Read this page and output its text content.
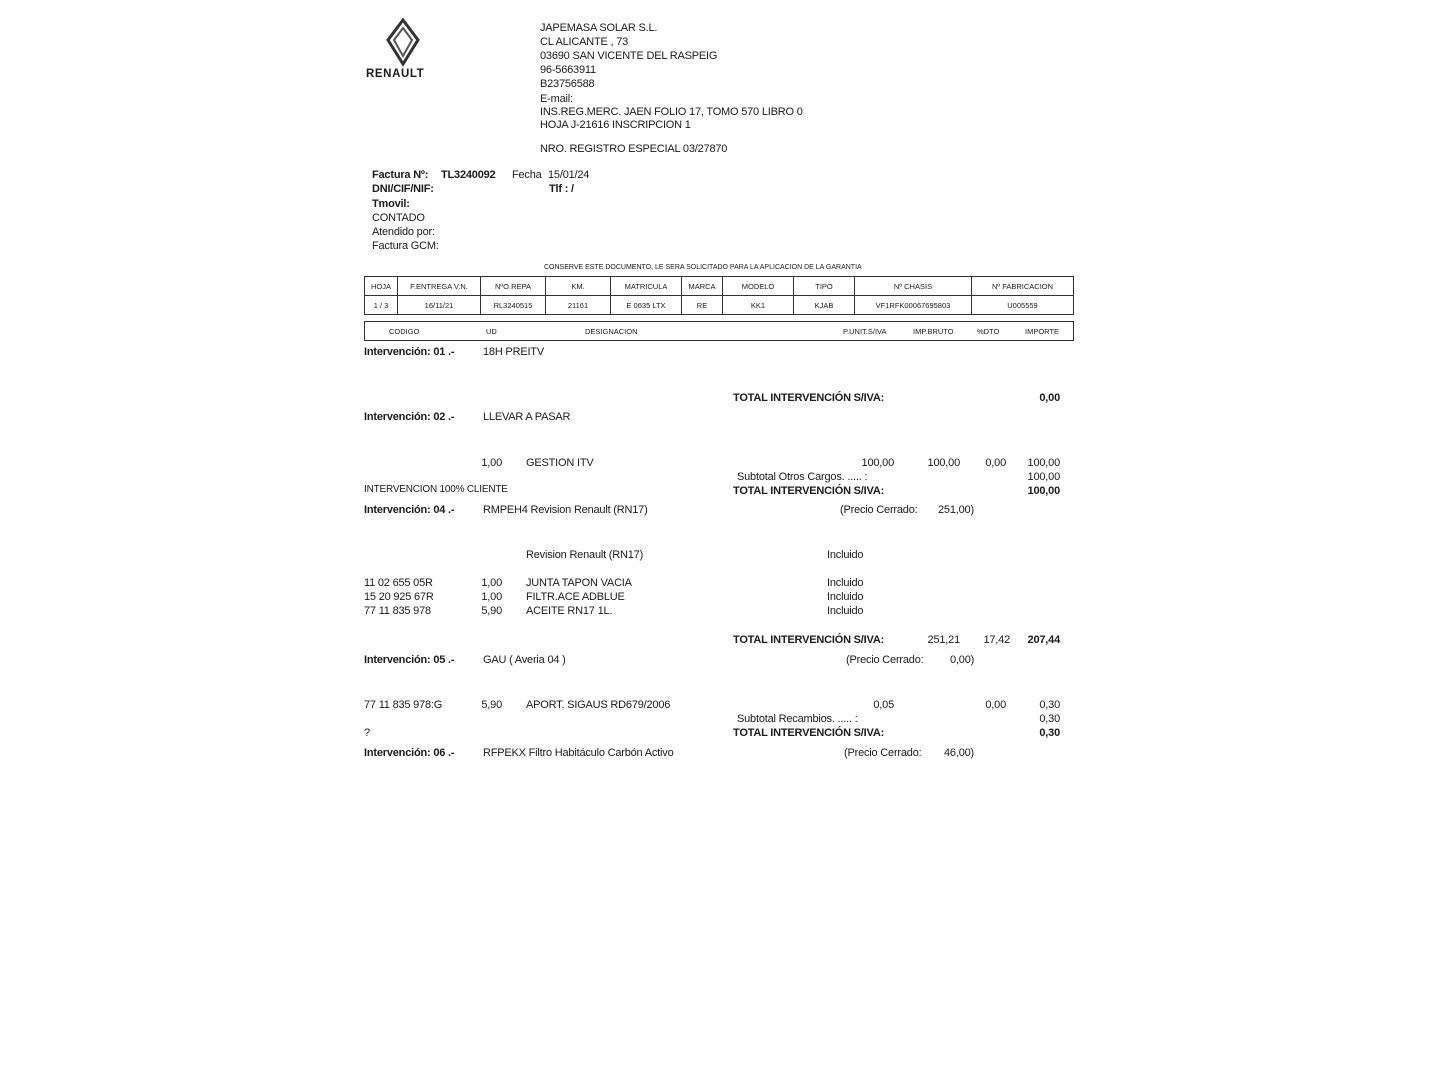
RENAULT
JAPEMASA SOLAR S.L.
CL ALICANTE , 73
03690 SAN VICENTE DEL RASPEIG
96-5663911
B23756588
E-mail:
INS.REG.MERC. JAEN FOLIO 17, TOMO 570 LIBRO 0
HOJA J-21616 INSCRIPCION 1
NRO. REGISTRO ESPECIAL 03/27870
Factura Nº: TL3240092 Fecha 15/01/24
DNI/CIF/NIF:	Tlf : /
Tmovil:
CONTADO
Atendido por:
Factura GCM:
CONSERVE ESTE DOCUMENTO, LE SERA SOLICITADO PARA LA APLICACION DE LA GARANTIA
HOJA	F.ENTREGA V.N.	NºO.REPA	KM.	MATRICULA	MARCA	MODELO	TIPO	Nº CHASIS	Nº FABRICACION
1 / 3	16/11/21	RL3240515	21161	E 0635 LTX	RE	KK1	KJAB	VF1RFK00067695803	U005559
CODIGO	UD	DESIGNACION	P.UNIT.S/IVA	IMP.BRUTO	%DTO	IMPORTE
Intervención: 01 .-	18H PREITV
TOTAL INTERVENCIÓN S/IVA:	0,00
Intervención: 02 .-	LLEVAR A PASAR
1,00 GESTION ITV	100,00	100,00	0,00	100,00
Subtotal Otros Cargos. ..... :	100,00
INTERVENCION 100% CLIENTE	TOTAL INTERVENCIÓN S/IVA:	100,00
Intervención: 04 .-	RMPEH4 Revision Renault (RN17)	(Precio Cerrado: 251,00)
Revision Renault (RN17)	Incluido
11 02 655 05R	1,00 JUNTA TAPON VACIA	Incluido
15 20 925 67R	1,00 FILTR.ACE ADBLUE	Incluido
77 11 835 978	5,90 ACEITE RN17 1L.	Incluido
TOTAL INTERVENCIÓN S/IVA:	251,21	17,42	207,44
Intervención: 05 .-	GAU ( Averia 04 )	(Precio Cerrado: 0,00)
77 11 835 978:G	5,90 APORT. SIGAUS RD679/2006	0,05	0,00	0,30
Subtotal Recambios. ..... :	0,30
?	TOTAL INTERVENCIÓN S/IVA:	0,30
Intervención: 06 .-	RFPEKX Filtro Habitáculo Carbón Activo	(Precio Cerrado: 46,00)
